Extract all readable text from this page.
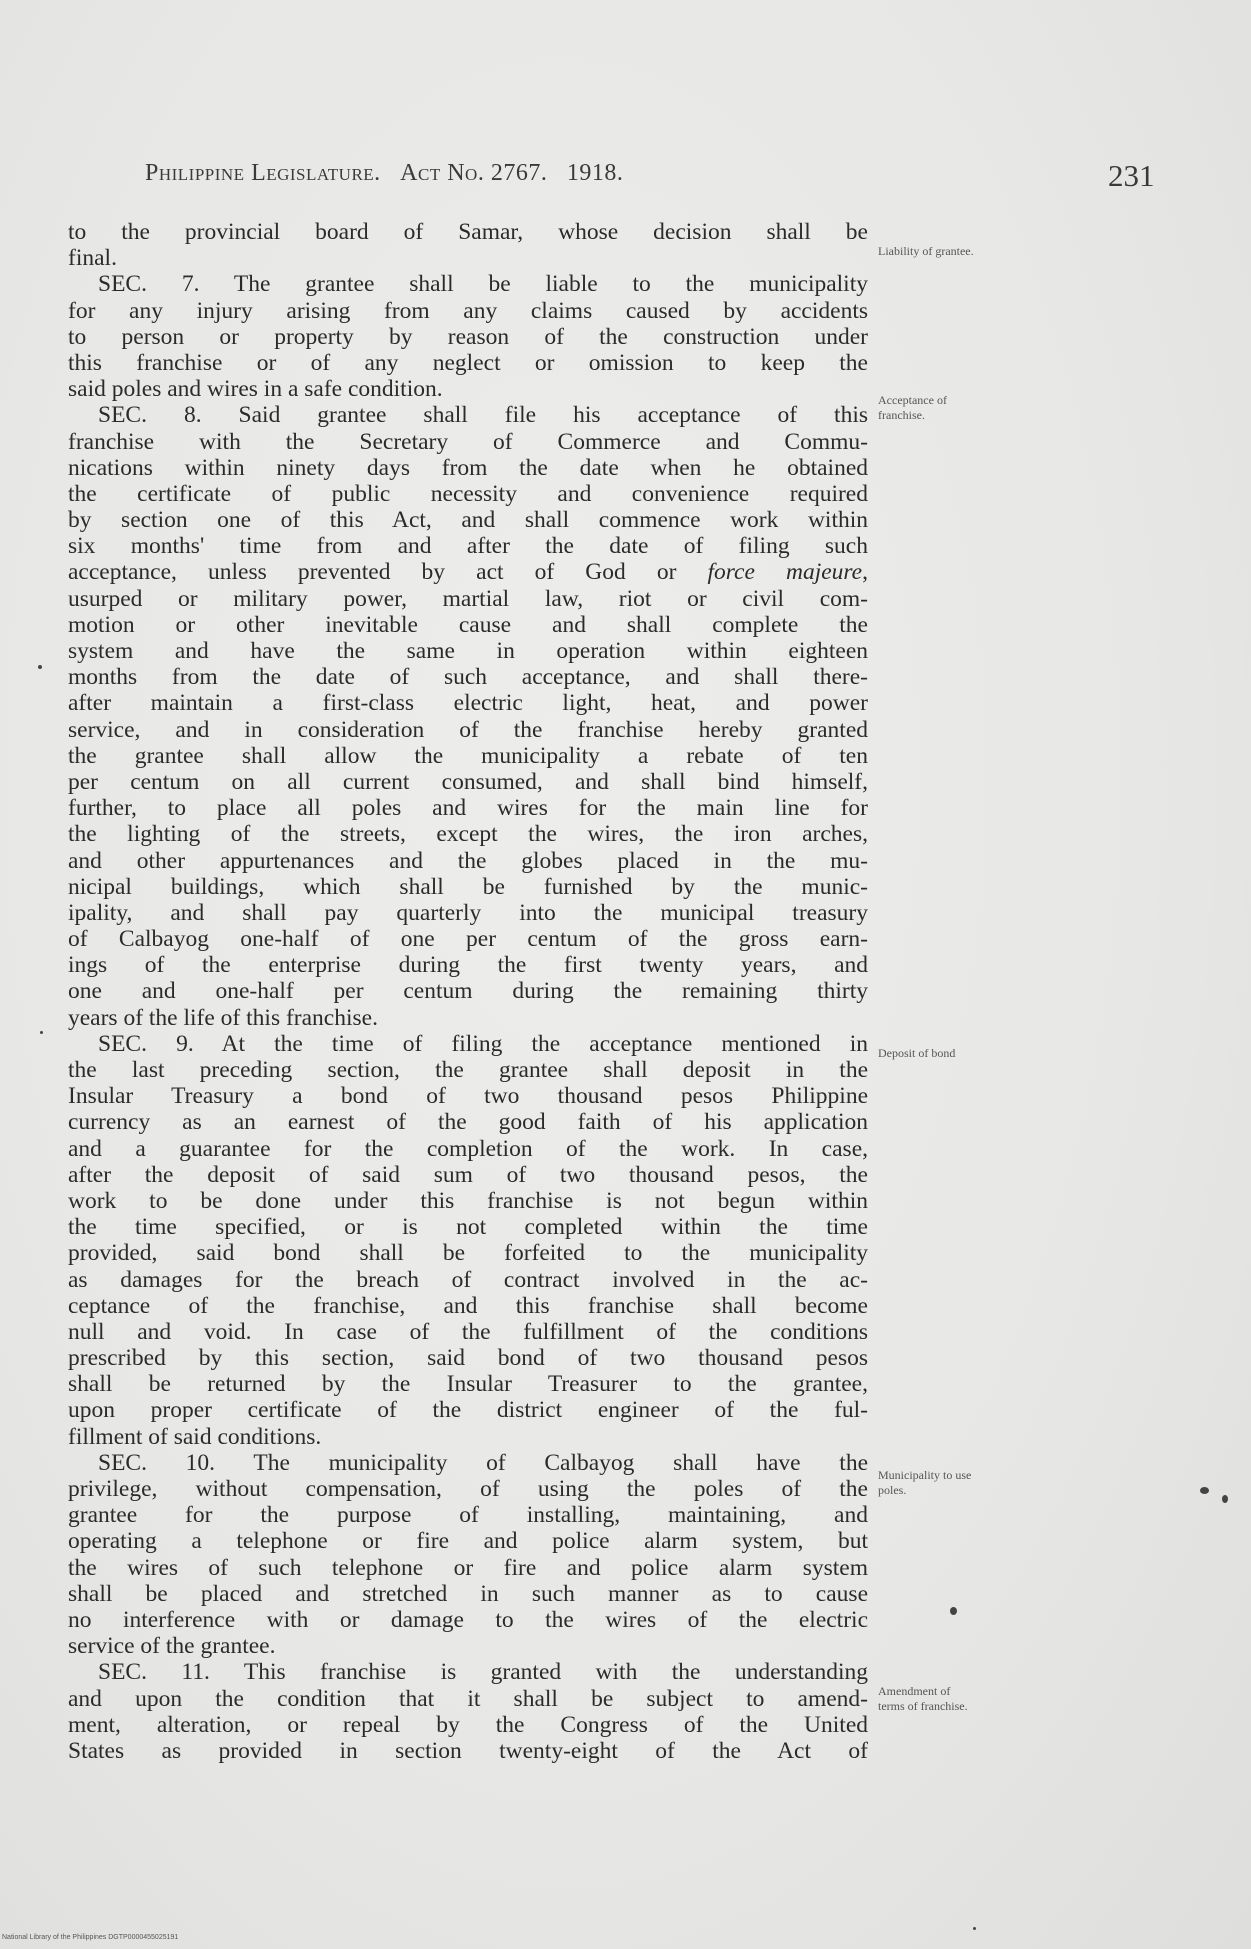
Philippine Legislature. Act No. 2767. 1918.	231
to the provincial board of Samar, whose decision shall be
final.
SEC. 7. The grantee shall be liable to the municipality
for any injury arising from any claims caused by accidents
to person or property by reason of the construction under
this franchise or of any neglect or omission to keep the
said poles and wires in a safe condition.
SEC. 8. Said grantee shall file his acceptance of this
franchise with the Secretary of Commerce and Commu-
nications within ninety days from the date when he obtained
the certificate of public necessity and convenience required
by section one of this Act, and shall commence work within
six months' time from and after the date of filing such
acceptance, unless prevented by act of God or force majeure,
usurped or military power, martial law, riot or civil com-
motion or other inevitable cause and shall complete the
system and have the same in operation within eighteen
months from the date of such acceptance, and shall there-
after maintain a first-class electric light, heat, and power
service, and in consideration of the franchise hereby granted
the grantee shall allow the municipality a rebate of ten
per centum on all current consumed, and shall bind himself,
further, to place all poles and wires for the main line for
the lighting of the streets, except the wires, the iron arches,
and other appurtenances and the globes placed in the mu-
nicipal buildings, which shall be furnished by the munic-
ipality, and shall pay quarterly into the municipal treasury
of Calbayog one-half of one per centum of the gross earn-
ings of the enterprise during the first twenty years, and
one and one-half per centum during the remaining thirty
years of the life of this franchise.
SEC. 9. At the time of filing the acceptance mentioned in
the last preceding section, the grantee shall deposit in the
Insular Treasury a bond of two thousand pesos Philippine
currency as an earnest of the good faith of his application
and a guarantee for the completion of the work. In case,
after the deposit of said sum of two thousand pesos, the
work to be done under this franchise is not begun within
the time specified, or is not completed within the time
provided, said bond shall be forfeited to the municipality
as damages for the breach of contract involved in the ac-
ceptance of the franchise, and this franchise shall become
null and void. In case of the fulfillment of the conditions
prescribed by this section, said bond of two thousand pesos
shall be returned by the Insular Treasurer to the grantee,
upon proper certificate of the district engineer of the ful-
fillment of said conditions.
SEC. 10. The municipality of Calbayog shall have the
privilege, without compensation, of using the poles of the
grantee for the purpose of installing, maintaining, and
operating a telephone or fire and police alarm system, but
the wires of such telephone or fire and police alarm system
shall be placed and stretched in such manner as to cause
no interference with or damage to the wires of the electric
service of the grantee.
SEC. 11. This franchise is granted with the understanding
and upon the condition that it shall be subject to amend-
ment, alteration, or repeal by the Congress of the United
States as provided in section twenty-eight of the Act of
Liability of grantee.
Acceptance of
franchise.
Deposit of bond
Municipality to use
poles.
Amendment of
terms of franchise.
National Library of the Philippines DGTP0000455025191
